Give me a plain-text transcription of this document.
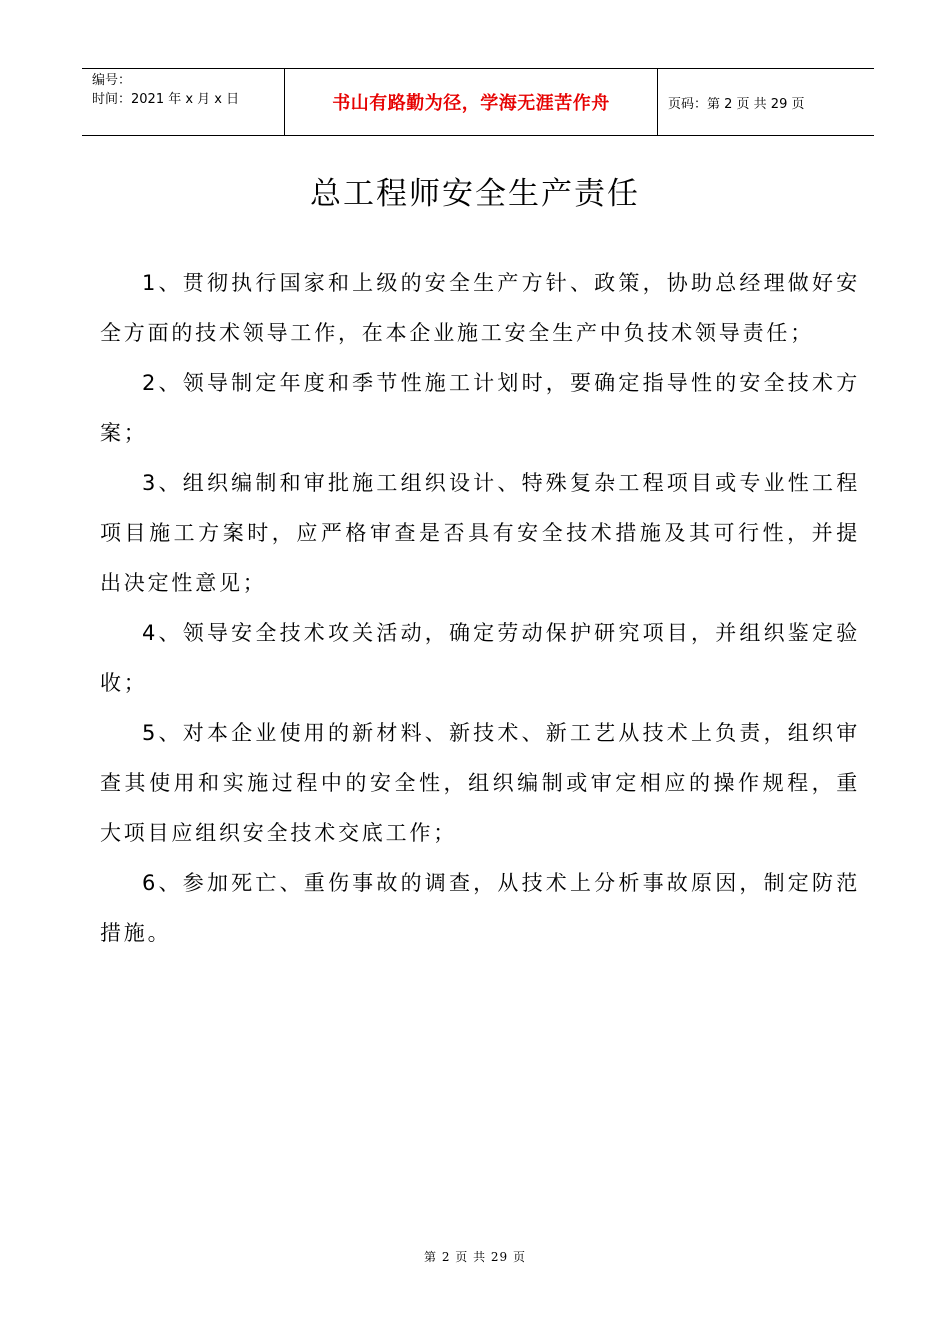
编号：
时间：2021 年 x 月 x 日	书山有路勤为径，学海无涯苦作舟	页码：第 2 页 共 29 页
总工程师安全生产责任

1、贯彻执行国家和上级的安全生产方针、政策，协助总经理做好安全方面的技术领导工作，在本企业施工安全生产中负技术领导责任；

2、领导制定年度和季节性施工计划时，要确定指导性的安全技术方案；

3、组织编制和审批施工组织设计、特殊复杂工程项目或专业性工程项目施工方案时，应严格审查是否具有安全技术措施及其可行性，并提出决定性意见；

4、领导安全技术攻关活动，确定劳动保护研究项目，并组织鉴定验收；

5、对本企业使用的新材料、新技术、新工艺从技术上负责，组织审查其使用和实施过程中的安全性，组织编制或审定相应的操作规程，重大项目应组织安全技术交底工作；

6、参加死亡、重伤事故的调查，从技术上分析事故原因，制定防范措施。

第 2 页 共 29 页
